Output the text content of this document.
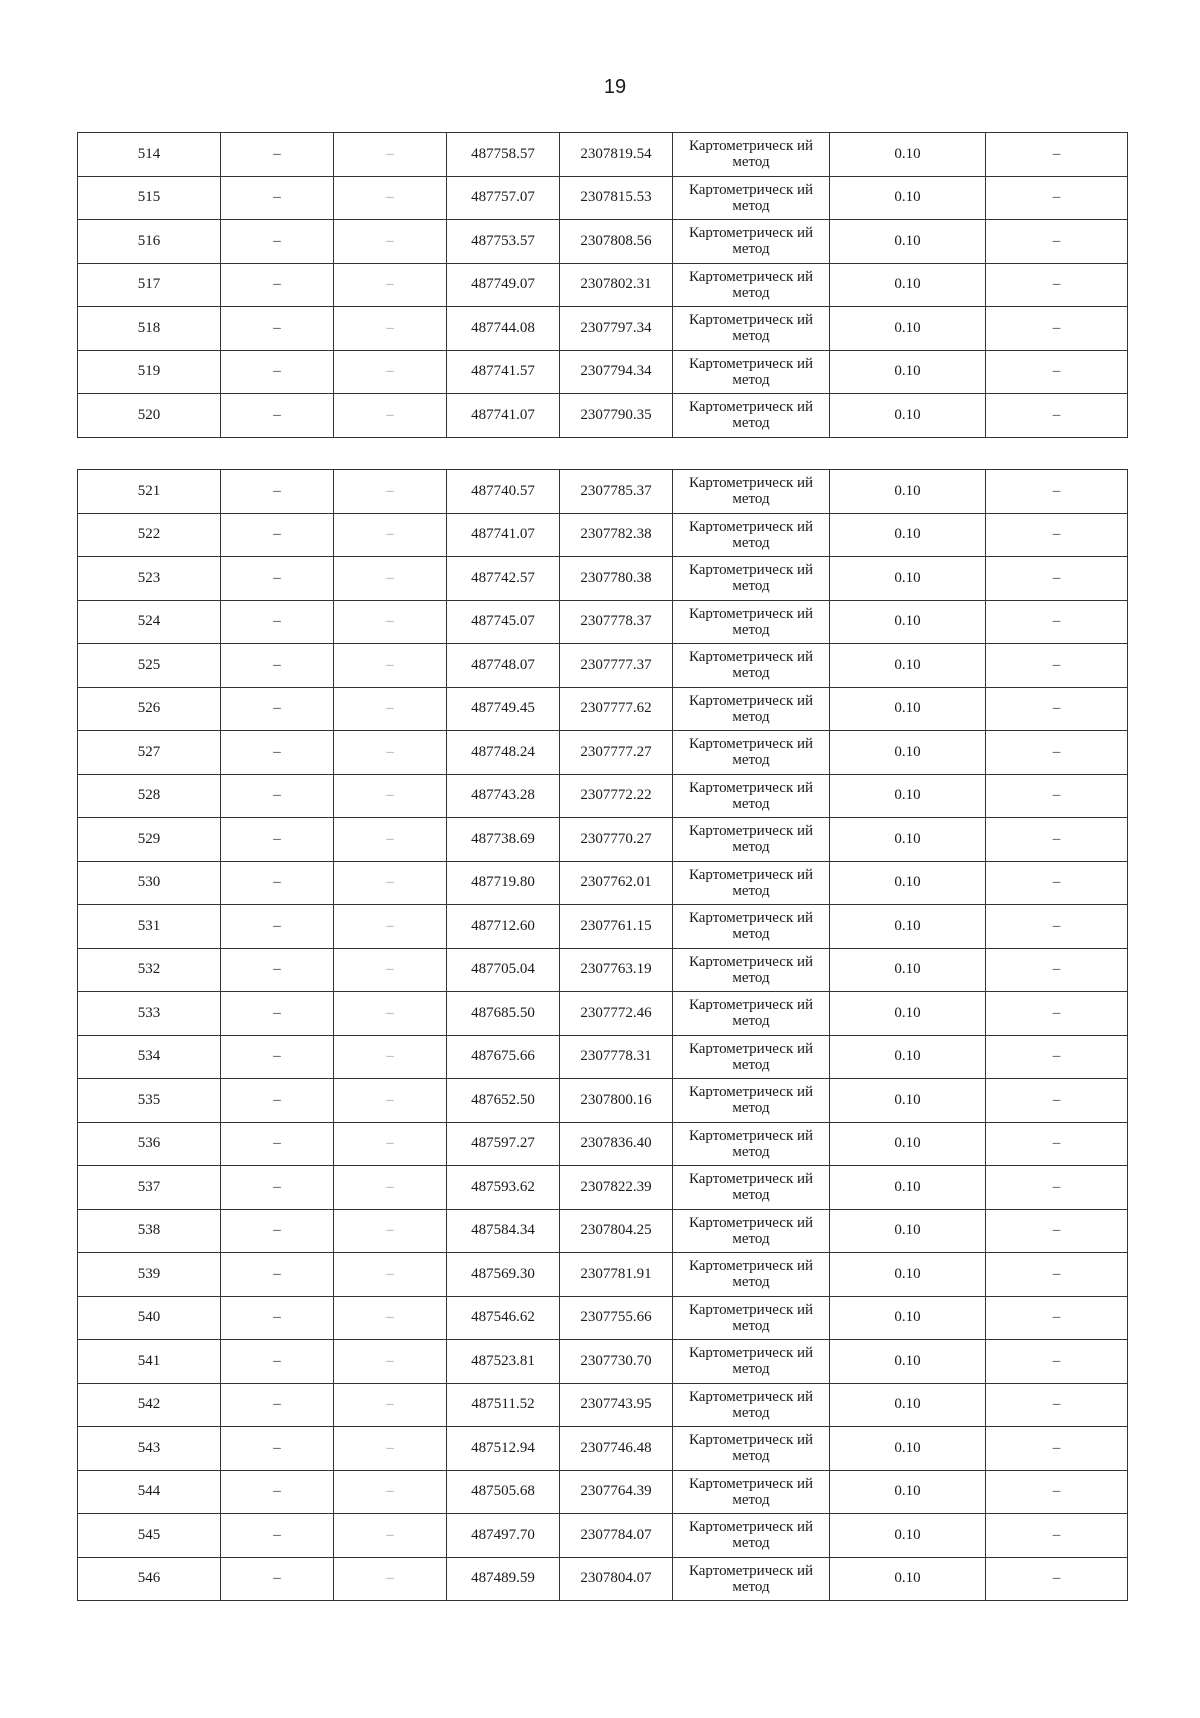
19
514	–	–	487758.57	2307819.54	Картометрическ ий метод	0.10	–
515	–	–	487757.07	2307815.53	Картометрическ ий метод	0.10	–
516	–	–	487753.57	2307808.56	Картометрическ ий метод	0.10	–
517	–	–	487749.07	2307802.31	Картометрическ ий метод	0.10	–
518	–	–	487744.08	2307797.34	Картометрическ ий метод	0.10	–
519	–	–	487741.57	2307794.34	Картометрическ ий метод	0.10	–
520	–	–	487741.07	2307790.35	Картометрическ ий метод	0.10	–
521	–	–	487740.57	2307785.37	Картометрическ ий метод	0.10	–
522	–	–	487741.07	2307782.38	Картометрическ ий метод	0.10	–
523	–	–	487742.57	2307780.38	Картометрическ ий метод	0.10	–
524	–	–	487745.07	2307778.37	Картометрическ ий метод	0.10	–
525	–	–	487748.07	2307777.37	Картометрическ ий метод	0.10	–
526	–	–	487749.45	2307777.62	Картометрическ ий метод	0.10	–
527	–	–	487748.24	2307777.27	Картометрическ ий метод	0.10	–
528	–	–	487743.28	2307772.22	Картометрическ ий метод	0.10	–
529	–	–	487738.69	2307770.27	Картометрическ ий метод	0.10	–
530	–	–	487719.80	2307762.01	Картометрическ ий метод	0.10	–
531	–	–	487712.60	2307761.15	Картометрическ ий метод	0.10	–
532	–	–	487705.04	2307763.19	Картометрическ ий метод	0.10	–
533	–	–	487685.50	2307772.46	Картометрическ ий метод	0.10	–
534	–	–	487675.66	2307778.31	Картометрическ ий метод	0.10	–
535	–	–	487652.50	2307800.16	Картометрическ ий метод	0.10	–
536	–	–	487597.27	2307836.40	Картометрическ ий метод	0.10	–
537	–	–	487593.62	2307822.39	Картометрическ ий метод	0.10	–
538	–	–	487584.34	2307804.25	Картометрическ ий метод	0.10	–
539	–	–	487569.30	2307781.91	Картометрическ ий метод	0.10	–
540	–	–	487546.62	2307755.66	Картометрическ ий метод	0.10	–
541	–	–	487523.81	2307730.70	Картометрическ ий метод	0.10	–
542	–	–	487511.52	2307743.95	Картометрическ ий метод	0.10	–
543	–	–	487512.94	2307746.48	Картометрическ ий метод	0.10	–
544	–	–	487505.68	2307764.39	Картометрическ ий метод	0.10	–
545	–	–	487497.70	2307784.07	Картометрическ ий метод	0.10	–
546	–	–	487489.59	2307804.07	Картометрическ ий метод	0.10	–
